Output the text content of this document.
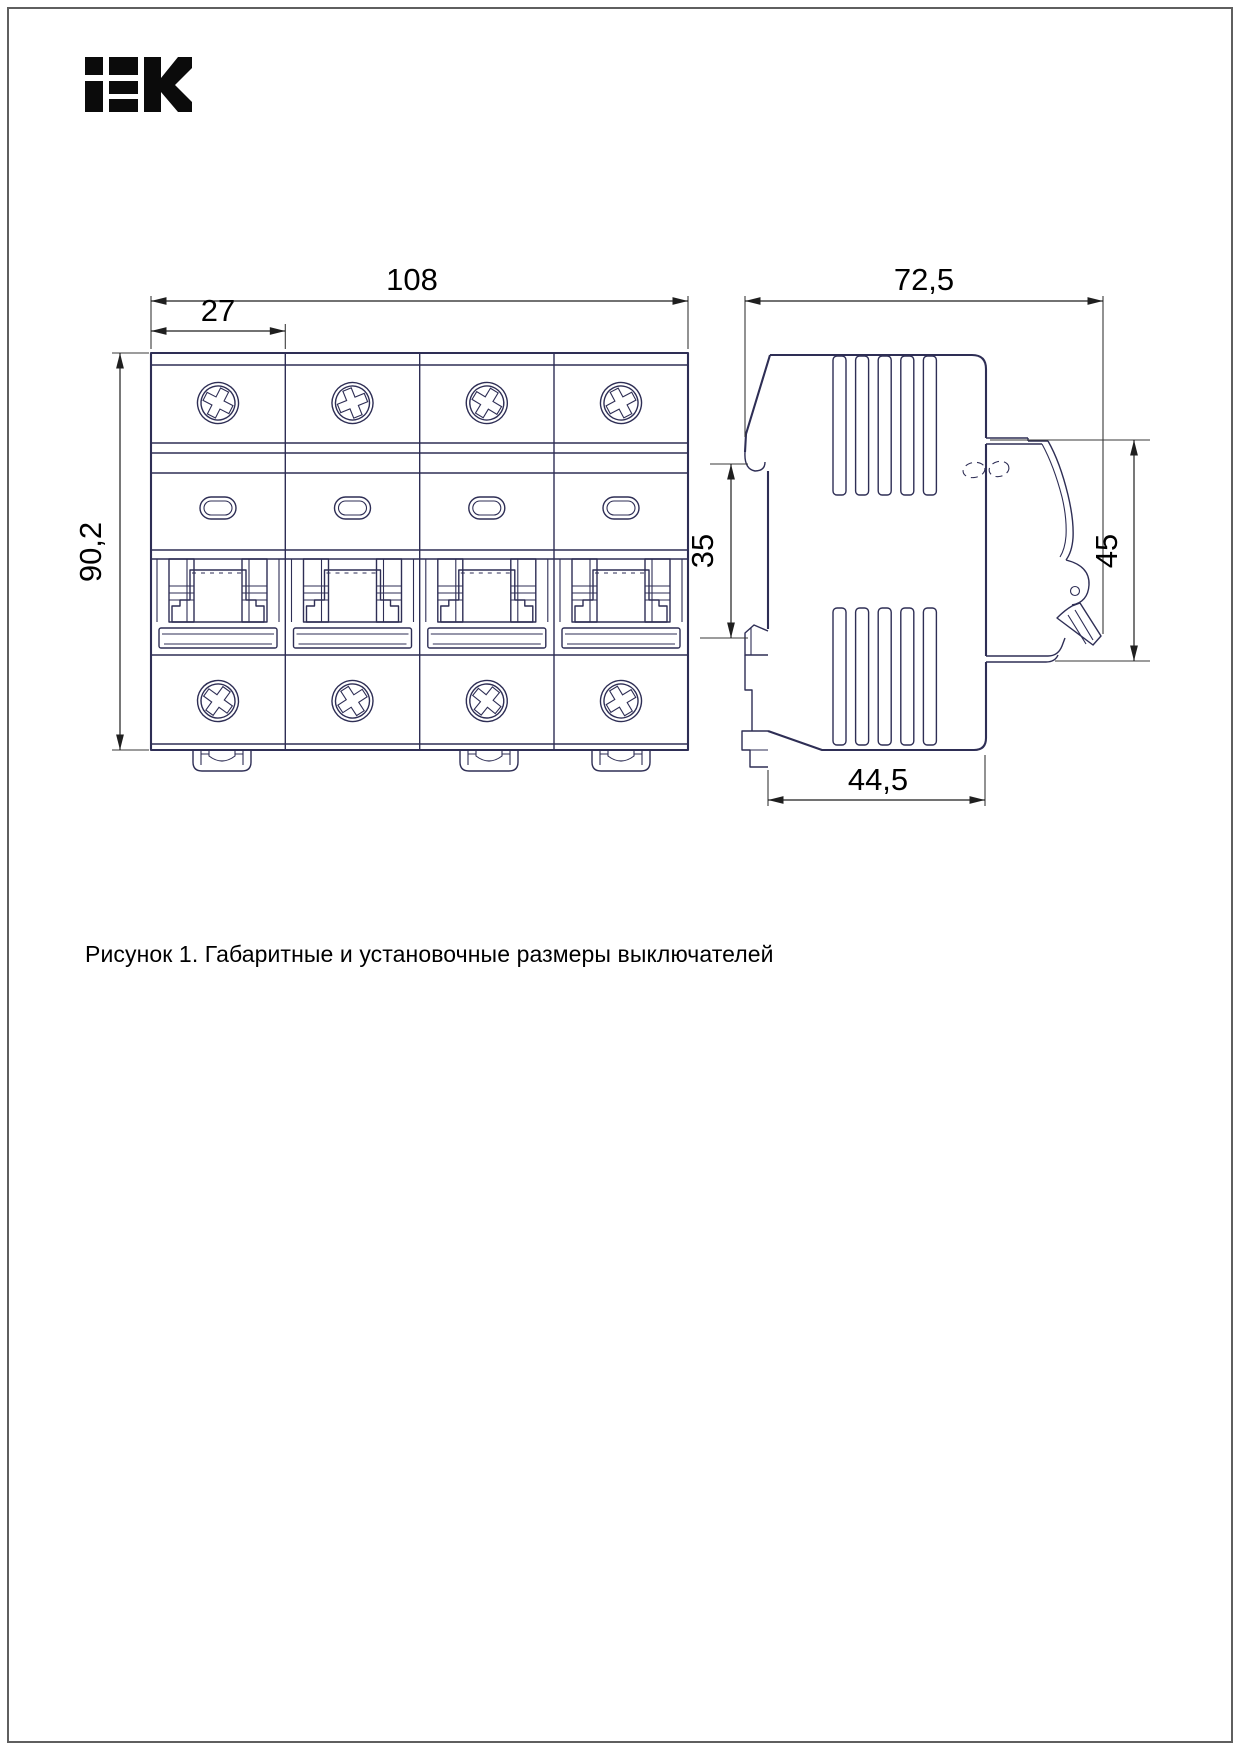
108
27
90,2
72,5
35	45
44,5
Рисунок 1. Габаритные и установочные размеры выключателей
